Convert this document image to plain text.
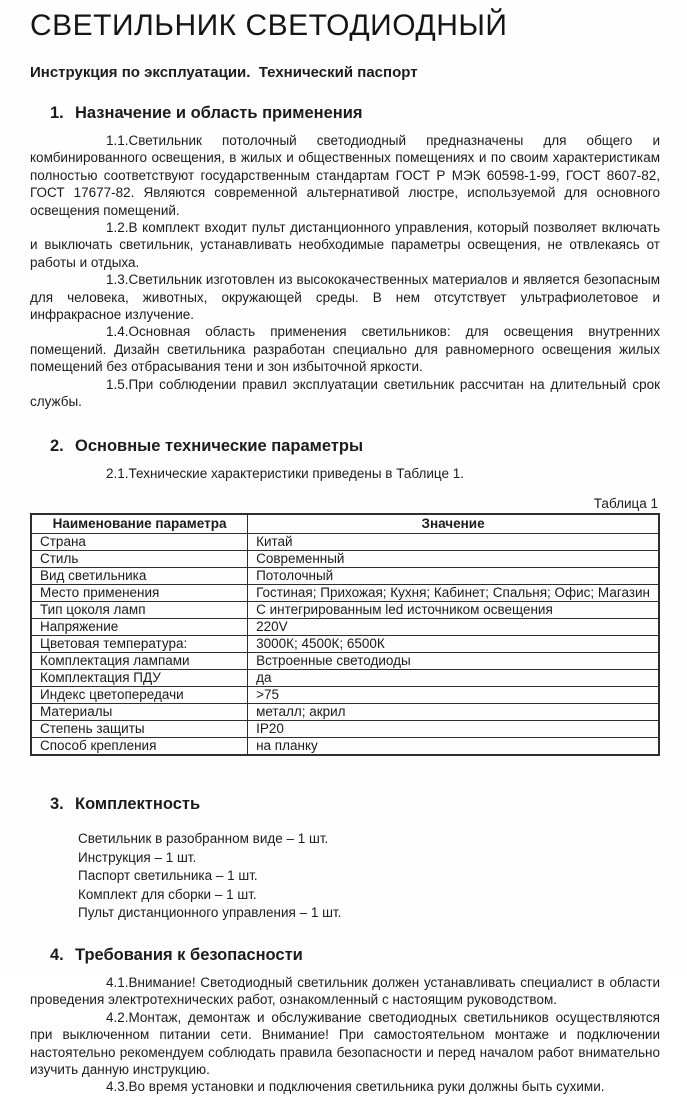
СВЕТИЛЬНИК СВЕТОДИОДНЫЙ
Инструкция по эксплуатации.  Технический паспорт
1. Назначение и область применения

1.1.Светильник потолочный светодиодный предназначены для общего и комбинированного освещения, в жилых и общественных помещениях и по своим характеристикам полностью соответствуют государственным стандартам ГОСТ Р МЭК 60598-1-99, ГОСТ 8607-82, ГОСТ 17677-82. Являются современной альтернативой люстре, используемой для основного освещения помещений.

1.2.В комплект входит пульт дистанционного управления, который позволяет включать и выключать светильник, устанавливать необходимые параметры освещения, не отвлекаясь от работы и отдыха.

1.3.Светильник изготовлен из высококачественных материалов и является безопасным для человека, животных, окружающей среды. В нем отсутствует ультрафиолетовое и инфракрасное излучение.

1.4.Основная область применения светильников: для освещения внутренних помещений. Дизайн светильника разработан специально для равномерного освещения жилых помещений без отбрасывания тени и зон избыточной яркости.

1.5.При соблюдении правил эксплуатации светильник рассчитан на длительный срок службы.

2. Основные технические параметры

2.1.Технические характеристики приведены в Таблице 1.

Таблица 1
Наименование параметра	Значение
Страна	Китай
Стиль	Современный
Вид светильника	Потолочный
Место применения	Гостиная; Прихожая; Кухня; Кабинет; Спальня; Офис; Магазин
Тип цоколя ламп	С интегрированным led источником освещения
Напряжение	220V
Цветовая температура:	3000К; 4500К; 6500К
Комплектация лампами	Встроенные светодиоды
Комплектация ПДУ	да
Индекс цветопередачи	>75
Материалы	металл; акрил
Степень защиты	IP20
Способ крепления	на планку
3. Комплектность
Светильник в разобранном виде – 1 шт.
Инструкция – 1 шт.
Паспорт светильника – 1 шт.
Комплект для сборки – 1 шт.
Пульт дистанционного управления – 1 шт.
4. Требования к безопасности

4.1.Внимание! Светодиодный светильник должен устанавливать специалист в области проведения электротехнических работ, ознакомленный с настоящим руководством.

4.2.Монтаж, демонтаж и обслуживание светодиодных светильников осуществляются при выключенном питании сети. Внимание! При самостоятельном монтаже и подключении настоятельно рекомендуем соблюдать правила безопасности и перед началом работ внимательно изучить данную инструкцию.

4.3.Во время установки и подключения светильника руки должны быть сухими.
